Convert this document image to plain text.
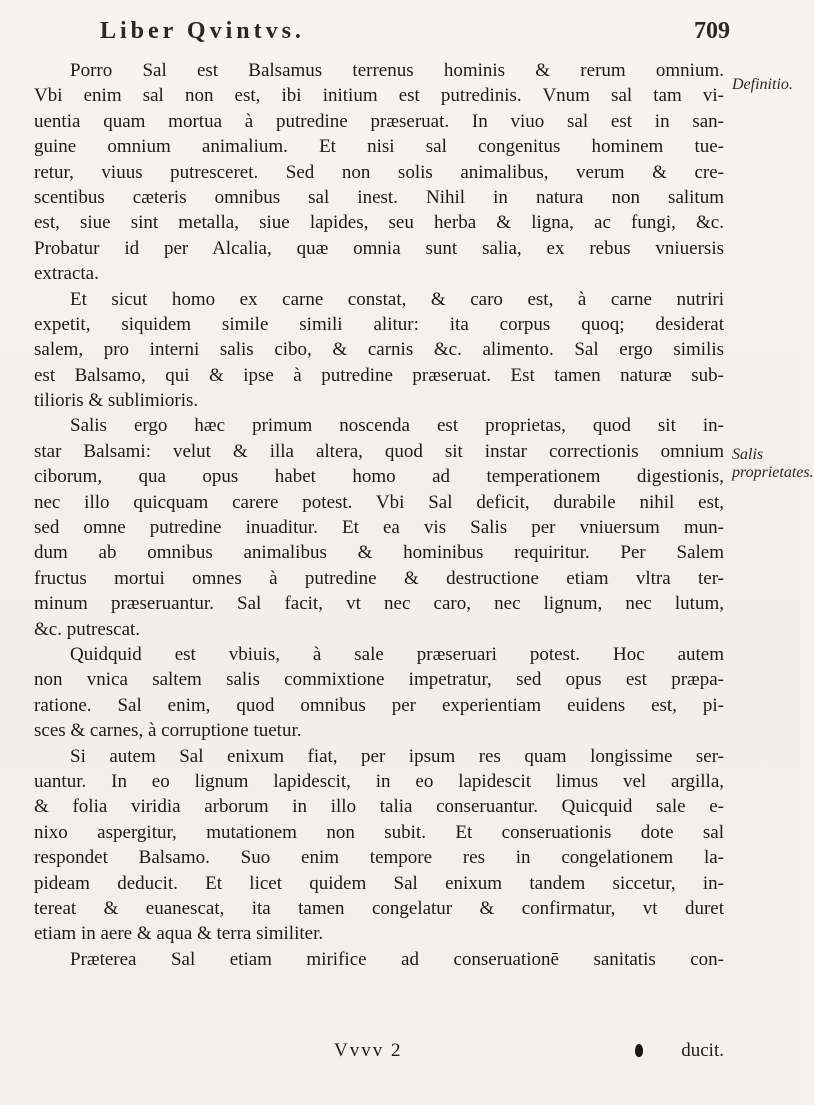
Liber Qvintvs.	709
Definitio.
Salis proprietates.

Porro Sal est Balsamus terrenus hominis & rerum omnium.
Vbi enim sal non est, ibi initium est putredinis. Vnum sal tam vi-
uentia quam mortua à putredine præseruat. In viuo sal est in san-
guine omnium animalium. Et nisi sal congenitus hominem tue-
retur, viuus putresceret. Sed non solis animalibus, verum & cre-
scentibus cæteris omnibus sal inest. Nihil in natura non salitum
est, siue sint metalla, siue lapides, seu herba & ligna, ac fungi, &c.
Probatur id per Alcalia, quæ omnia sunt salia, ex rebus vniuersis
extracta.

Et sicut homo ex carne constat, & caro est, à carne nutriri
expetit, siquidem simile simili alitur: ita corpus quoq; desiderat
salem, pro interni salis cibo, & carnis &c. alimento. Sal ergo similis
est Balsamo, qui & ipse à putredine præseruat. Est tamen naturæ sub-
tilioris & sublimioris.

Salis ergo hæc primum noscenda est proprietas, quod sit in-
star Balsami: velut & illa altera, quod sit instar correctionis omnium
ciborum, qua opus habet homo ad temperationem digestionis,
nec illo quicquam carere potest. Vbi Sal deficit, durabile nihil est,
sed omne putredine inuaditur. Et ea vis Salis per vniuersum mun-
dum ab omnibus animalibus & hominibus requiritur. Per Salem
fructus mortui omnes à putredine & destructione etiam vltra ter-
minum præseruantur. Sal facit, vt nec caro, nec lignum, nec lutum,
&c. putrescat.

Quidquid est vbiuis, à sale præseruari potest. Hoc autem
non vnica saltem salis commixtione impetratur, sed opus est præpa-
ratione. Sal enim, quod omnibus per experientiam euidens est, pi-
sces & carnes, à corruptione tuetur.

Si autem Sal enixum fiat, per ipsum res quam longissime ser-
uantur. In eo lignum lapidescit, in eo lapidescit limus vel argilla,
& folia viridia arborum in illo talia conseruantur. Quicquid sale e-
nixo aspergitur, mutationem non subit. Et conseruationis dote sal
respondet Balsamo. Suo enim tempore res in congelationem la-
pideam deducit. Et licet quidem Sal enixum tandem siccetur, in-
tereat & euanescat, ita tamen congelatur & confirmatur, vt duret
etiam in aere & aqua & terra similiter.

Præterea Sal etiam mirifice ad conseruationē sanitatis con-

Vvvv 2	ducit.
